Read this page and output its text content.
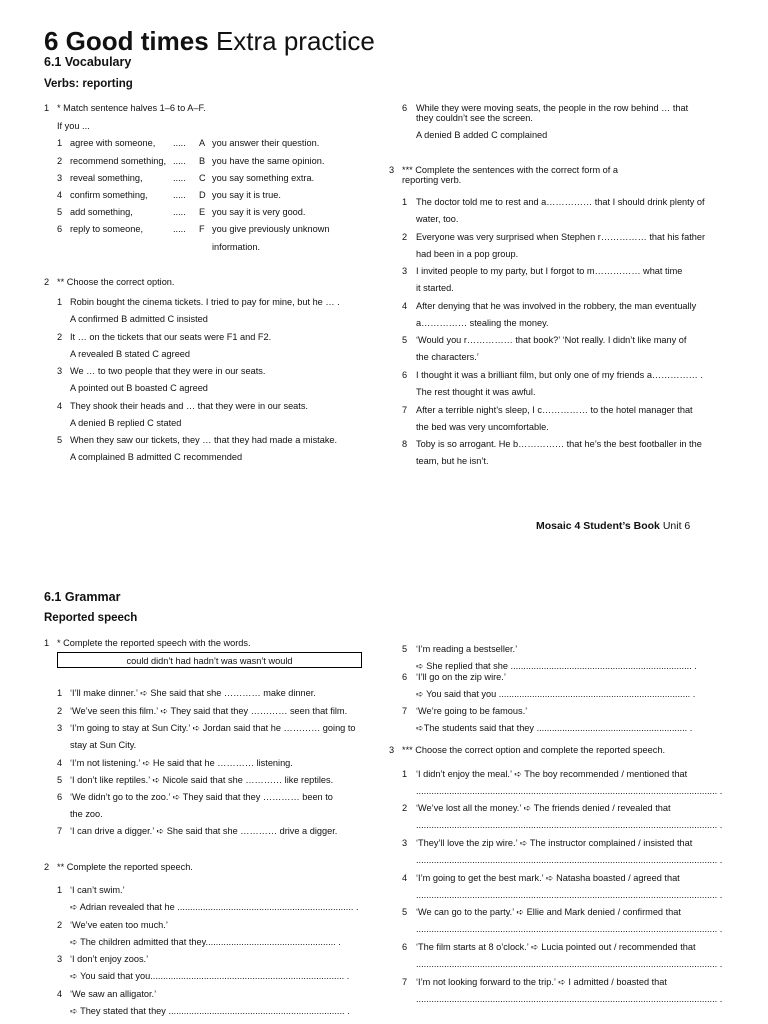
6 Good times Extra practice
6.1 Vocabulary
Verbs: reporting
1 * Match sentence halves 1–6 to A–F.
If you ...
1 agree with someone, ..... A you answer their question.
2 recommend something, ..... B you have the same opinion.
3 reveal something,	..... C you say something extra.
4 confirm something,	..... D you say it is true.
5 add something,	..... E you say it is very good.
6 reply to someone,	..... F you give previously unknown
information.
2 ** Choose the correct option.
1 Robin bought the cinema tickets. I tried to pay for mine, but he … .
A confirmed B admitted C insisted
2 It … on the tickets that our seats were F1 and F2.
A revealed B stated C agreed
3 We … to two people that they were in our seats.
A pointed out B boasted C agreed
4 They shook their heads and … that they were in our seats.
A denied B replied C stated
5 When they saw our tickets, they … that they had made a mistake.
A complained B admitted C recommended
6 While they were moving seats, the people in the row behind … that
they couldn’t see the screen.
A denied B added C complained
3 *** Complete the sentences with the correct form of a
reporting verb.
1 The doctor told me to rest and a…………… that I should drink plenty of
water, too.
2 Everyone was very surprised when Stephen r…………… that his father
had been in a pop group.
3 I invited people to my party, but I forgot to m…………… what time
it started.
4 After denying that he was involved in the robbery, the man eventually
a…………… stealing the money.
5 ‘Would you r…………… that book?’ ‘Not really. I didn’t like many of
the characters.’
6 I thought it was a brilliant film, but only one of my friends a…………… .
The rest thought it was awful.
7 After a terrible night’s sleep, I c…………… to the hotel manager that
the bed was very uncomfortable.
8 Toby is so arrogant. He b…………… that he’s the best footballer in the
team, but he isn’t.
Mosaic 4 Student’s Book Unit 6
6.1 Grammar
Reported speech
1 * Complete the reported speech with the words.
could didn’t had hadn’t was wasn’t would
1 ‘I’ll make dinner.’ ➪ She said that she ………… make dinner.
2 ‘We’ve seen this film.’ ➪ They said that they ………… seen that film.
3 ‘I’m going to stay at Sun City.’ ➪ Jordan said that he ………… going to
stay at Sun City.
4 ‘I’m not listening.’ ➪ He said that he ………… listening.
5 ‘I don’t like reptiles.’ ➪ Nicole said that she ………… like reptiles.
6 ‘We didn’t go to the zoo.’ ➪ They said that they ………… been to
the zoo.
7 ‘I can drive a digger.’ ➪ She said that she ………… drive a digger.
2 ** Complete the reported speech.
1 ‘I can’t swim.’
➪ Adrian revealed that he ..................................................................... .
2 ‘We’ve eaten too much.’
➪ The children admitted that they................................................... .
3 ‘I don’t enjoy zoos.’
➪ You said that you............................................................................ .
4 ‘We saw an alligator.’
➪ They stated that they ..................................................................... .
5 ‘I’m reading a bestseller.’
➪ She replied that she ....................................................................... .
6 ‘I’ll go on the zip wire.’
➪ You said that you ........................................................................... .
7 ‘We’re going to be famous.’
➪The students said that they ........................................................... .
3 *** Choose the correct option and complete the reported speech.
1 ‘I didn’t enjoy the meal.’ ➪ The boy recommended / mentioned that
...................................................................................................................... .
2 ‘We’ve lost all the money.’ ➪ The friends denied / revealed that
...................................................................................................................... .
3 ‘They’ll love the zip wire.’ ➪ The instructor complained / insisted that
...................................................................................................................... .
4 ‘I’m going to get the best mark.’ ➪ Natasha boasted / agreed that
...................................................................................................................... .
5 ‘We can go to the party.’ ➪ Ellie and Mark denied / confirmed that
...................................................................................................................... .
6 ‘The film starts at 8 o’clock.’ ➪ Lucia pointed out / recommended that
...................................................................................................................... .
7 ‘I’m not looking forward to the trip.’ ➪ I admitted / boasted that
...................................................................................................................... .
